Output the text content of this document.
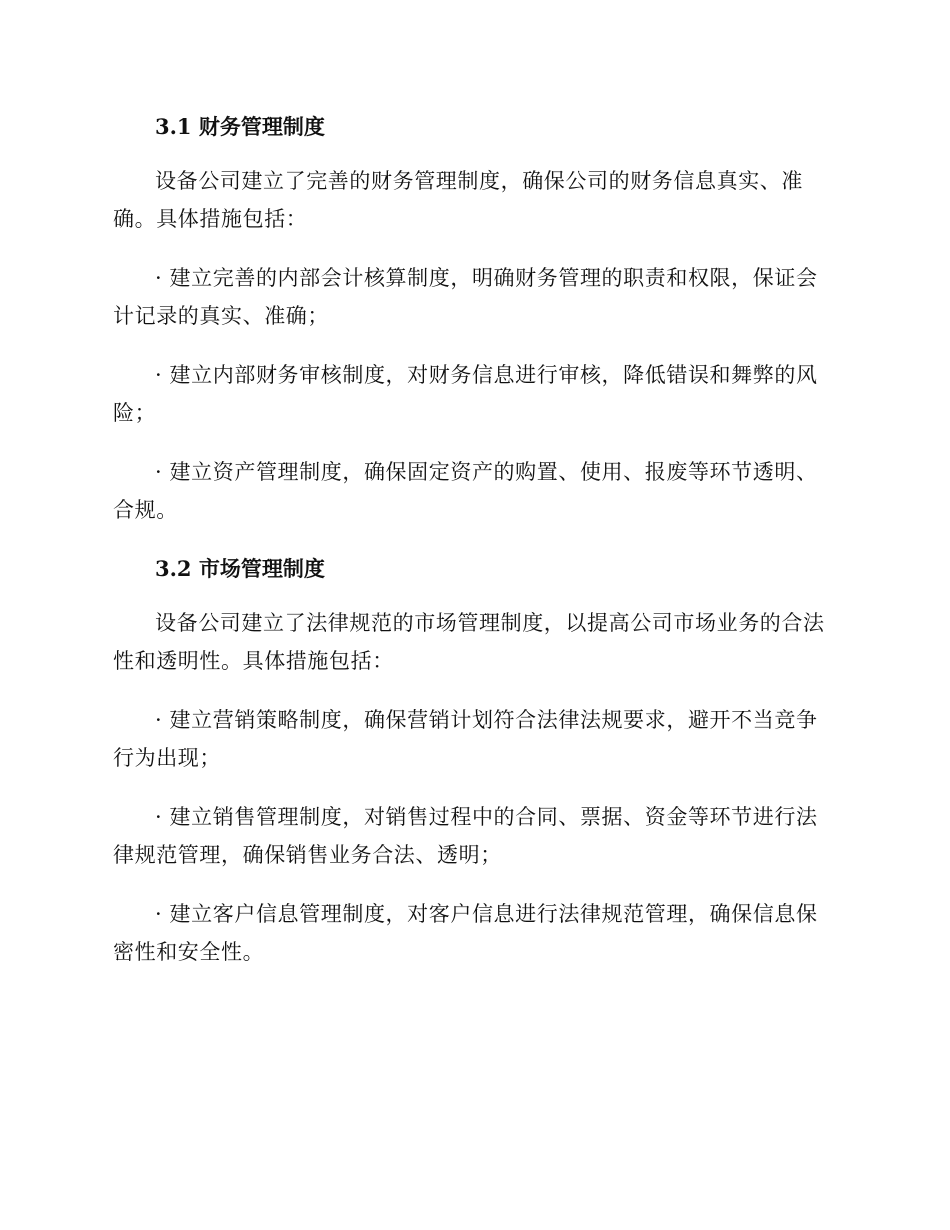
3.1 财务管理制度

设备公司建立了完善的财务管理制度，确保公司的财务信息真实、准确。具体措施包括：

· 建立完善的内部会计核算制度，明确财务管理的职责和权限，保证会计记录的真实、准确；

· 建立内部财务审核制度，对财务信息进行审核，降低错误和舞弊的风险；

· 建立资产管理制度，确保固定资产的购置、使用、报废等环节透明、合规。

3.2 市场管理制度

设备公司建立了法律规范的市场管理制度，以提高公司市场业务的合法性和透明性。具体措施包括：

· 建立营销策略制度，确保营销计划符合法律法规要求，避开不当竞争行为出现；

· 建立销售管理制度，对销售过程中的合同、票据、资金等环节进行法律规范管理，确保销售业务合法、透明；

· 建立客户信息管理制度，对客户信息进行法律规范管理，确保信息保密性和安全性。
